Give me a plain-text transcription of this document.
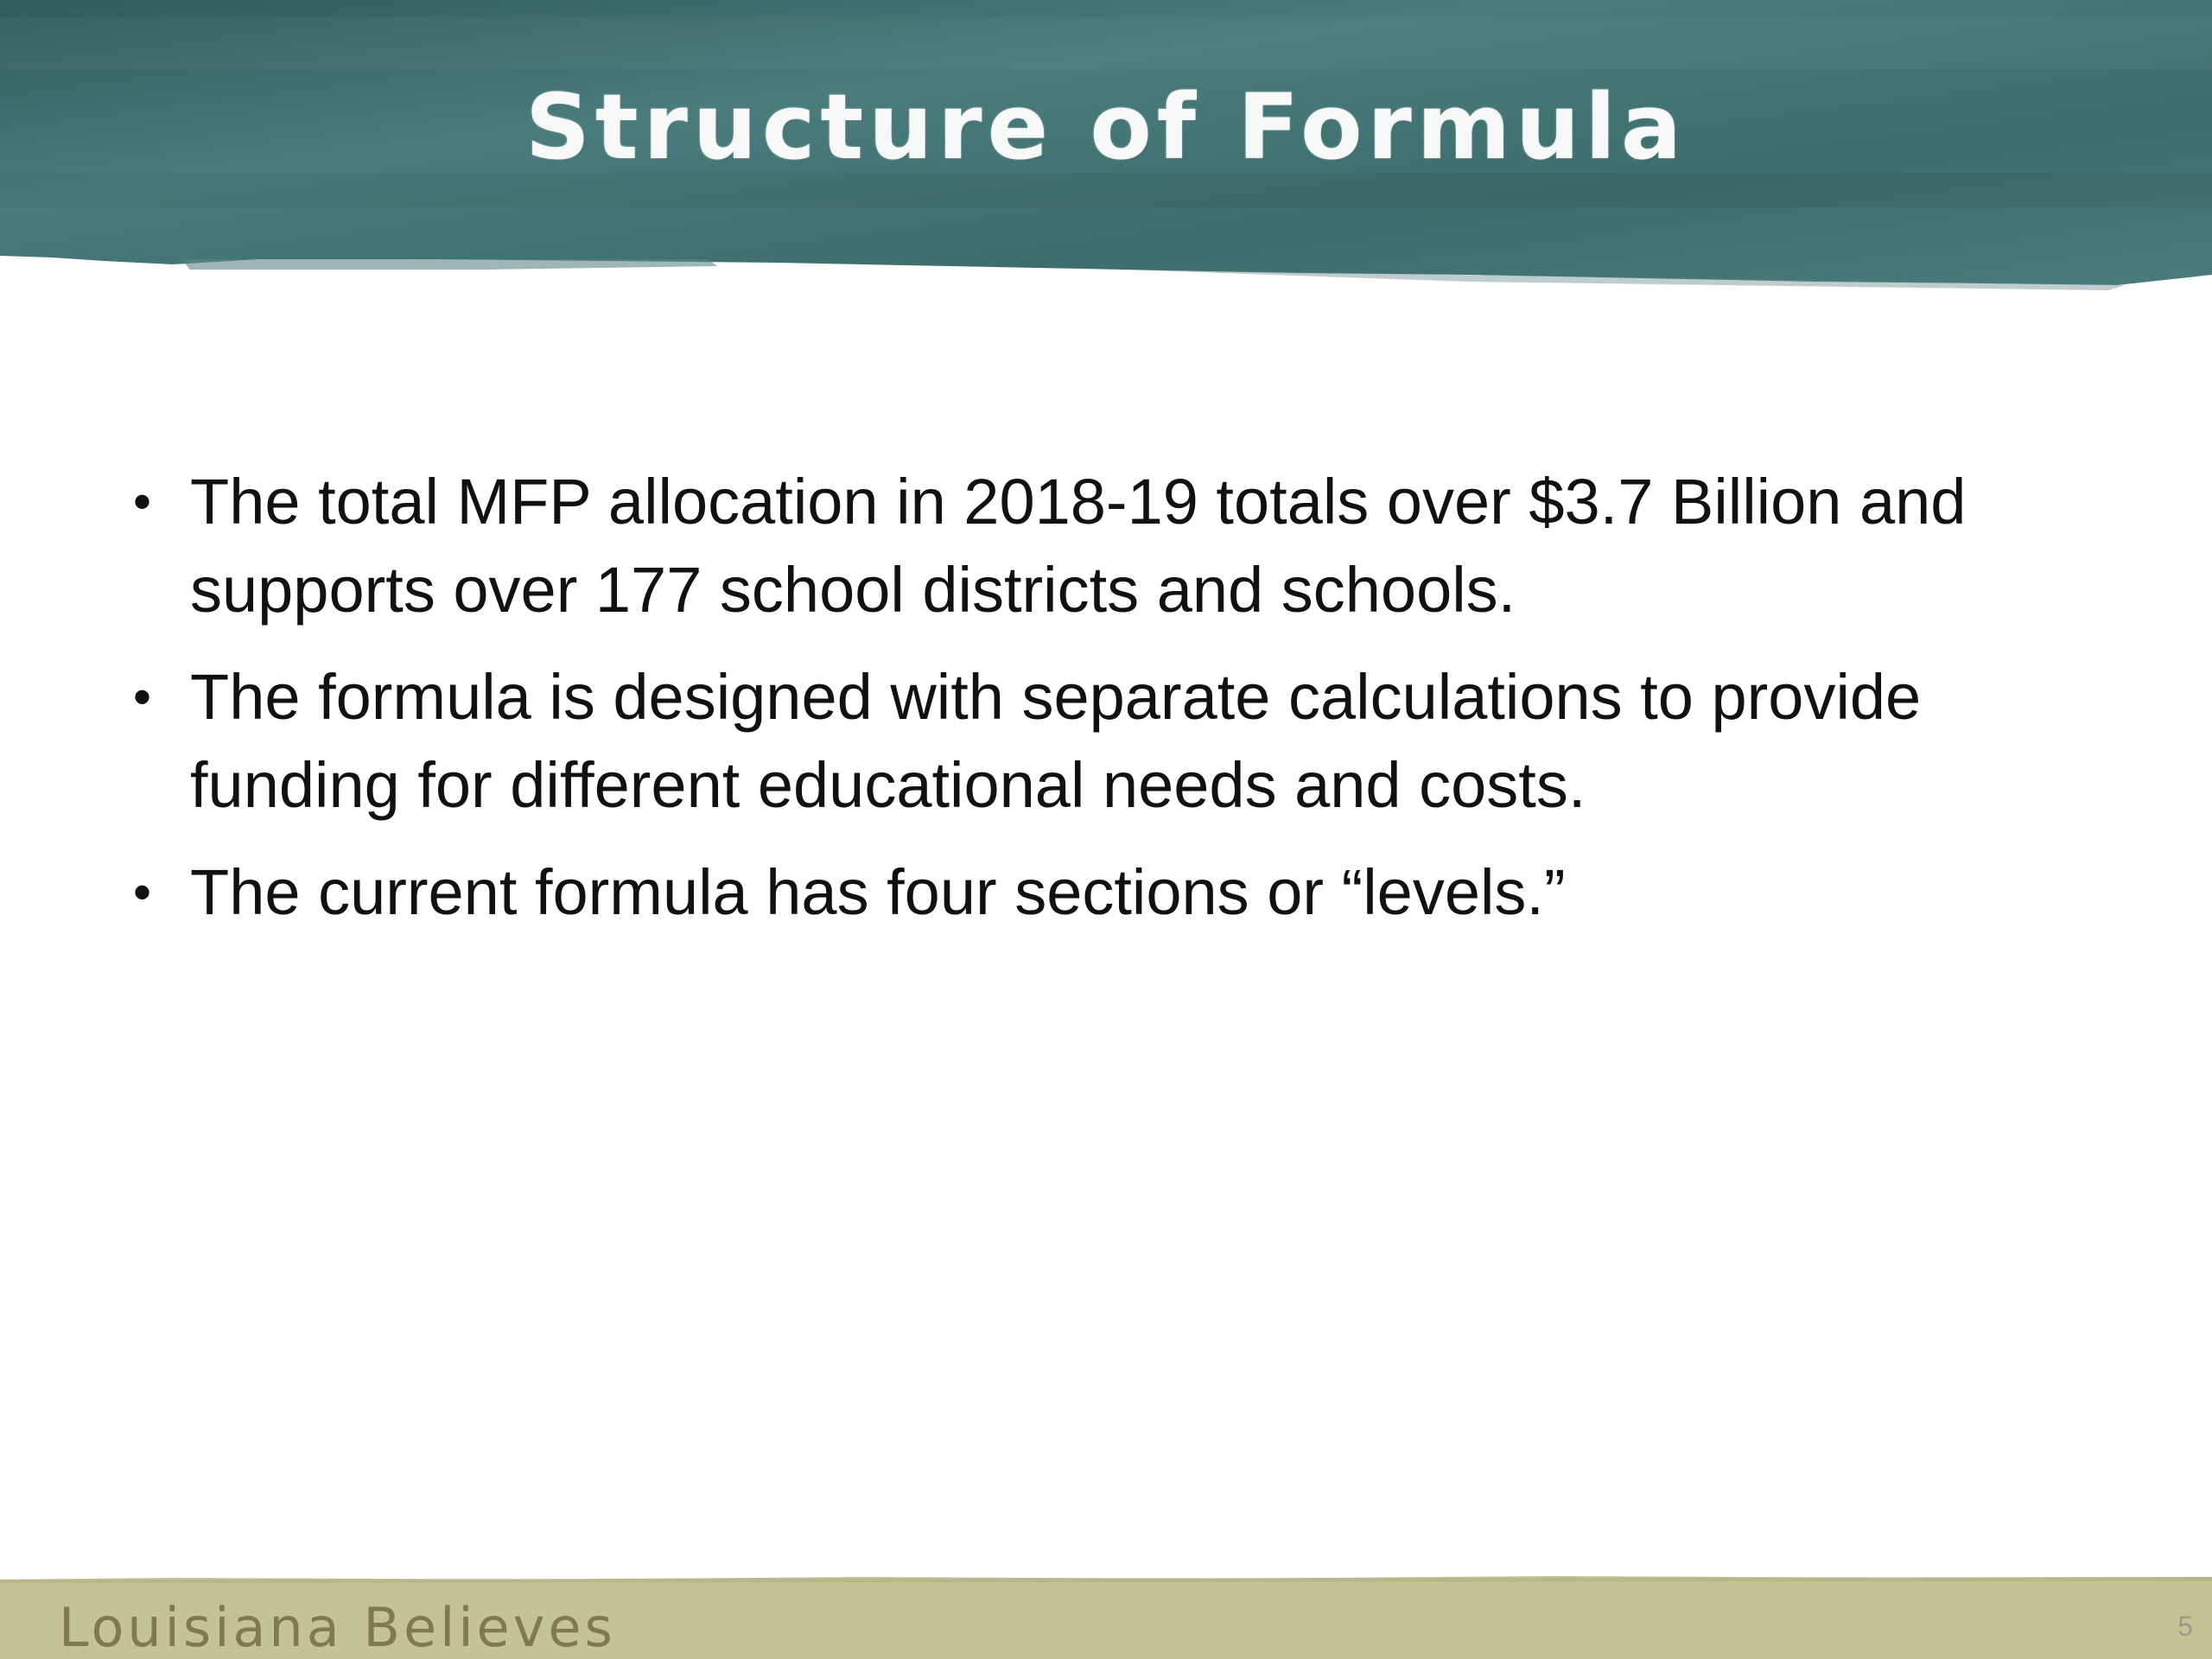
Structure of Formula
• The total MFP allocation in 2018-19 totals over $3.7 Billion and supports over 177 school districts and schools.
• The formula is designed with separate calculations to provide funding for different educational needs and costs.
• The current formula has four sections or “levels.”
Louisiana Believes	5
